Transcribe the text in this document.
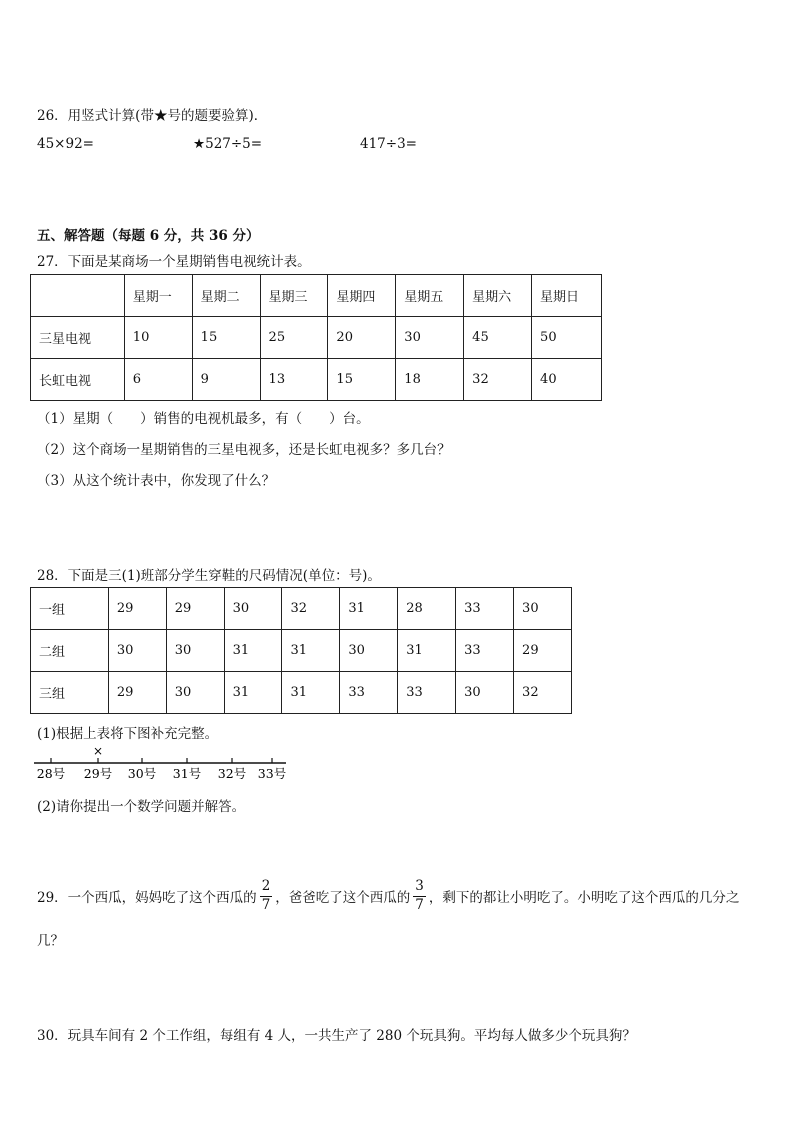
26．用竖式计算(带★号的题要验算)．
45×92=	★527÷5=	417÷3=
五、解答题（每题 6 分，共 36 分）
27．下面是某商场一个星期销售电视统计表。
	星期一	星期二	星期三	星期四	星期五	星期六	星期日
三星电视	10	15	25	20	30	45	50
长虹电视	6	9	13	15	18	32	40
（1）星期（　　）销售的电视机最多，有（　　）台。
（2）这个商场一星期销售的三星电视多，还是长虹电视多？多几台？
（3）从这个统计表中，你发现了什么？
28．下面是三(1)班部分学生穿鞋的尺码情况(单位：号)。
一组	29	29	30	32	31	28	33	30
二组	30	30	31	31	30	31	33	29
三组	29	30	31	31	33	33	30	32
(1)根据上表将下图补充完整。
×
28号 29号 30号 31号 32号 33号
(2)请你提出一个数学问题并解答。
29．一个西瓜，妈妈吃了这个西瓜的 $\frac{2}{7}$ ，爸爸吃了这个西瓜的 $\frac{3}{7}$ ，剩下的都让小明吃了。小明吃了这个西瓜的几分之
几？
30．玩具车间有 2 个工作组，每组有 4 人，一共生产了 280 个玩具狗。平均每人做多少个玩具狗？
